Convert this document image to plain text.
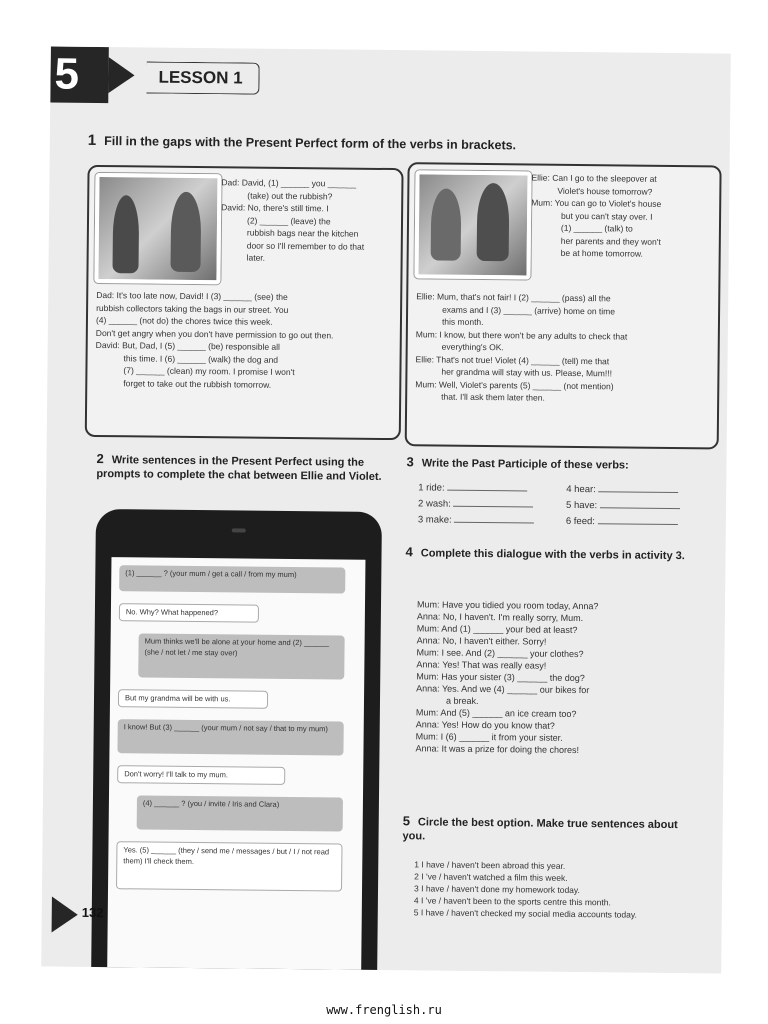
5	LESSON 1
1 Fill in the gaps with the Present Perfect form of the verbs in brackets.

Dad: David, (1) ______ you ______

(take) out the rubbish?

David: No, there's still time. I

(2) ______ (leave) the

rubbish bags near the kitchen

door so I'll remember to do that

later.

Dad: It's too late now, David! I (3) ______ (see) the

rubbish collectors taking the bags in our street. You

(4) ______ (not do) the chores twice this week.

Don't get angry when you don't have permission to go out then.

David: But, Dad, I (5) ______ (be) responsible all

this time. I (6) ______ (walk) the dog and

(7) ______ (clean) my room. I promise I won't

forget to take out the rubbish tomorrow.

Ellie: Can I go to the sleepover at

Violet's house tomorrow?

Mum: You can go to Violet's house

but you can't stay over. I

(1) ______ (talk) to

her parents and they won't

be at home tomorrow.

Ellie: Mum, that's not fair! I (2) ______ (pass) all the

exams and I (3) ______ (arrive) home on time

this month.

Mum: I know, but there won't be any adults to check that

everything's OK.

Ellie: That's not true! Violet (4) ______ (tell) me that

her grandma will stay with us. Please, Mum!!!

Mum: Well, Violet's parents (5) ______ (not mention)

that. I'll ask them later then.

2 Write sentences in the Present Perfect using the prompts to complete the chat between Ellie and Violet.
(1) ______ ? (your mum / get a call / from my mum)
No. Why? What happened?
Mum thinks we'll be alone at your home and (2) ______ (she / not let / me stay over)
But my grandma will be with us.
I know! But (3) ______ (your mum / not say / that to my mum)
Don't worry! I'll talk to my mum.
(4) ______ ? (you / invite / Iris and Clara)
Yes. (5) ______ (they / send me / messages / but / I / not read them) I'll check them.
3 Write the Past Participle of these verbs:
1 ride:
2 wash:
3 make:
4 hear:
5 have:
6 feed:
4 Complete this dialogue with the verbs in activity 3.

Mum: Have you tidied you room today, Anna?

Anna: No, I haven't. I'm really sorry, Mum.

Mum: And (1) ______ your bed at least?

Anna: No, I haven't either. Sorry!

Mum: I see. And (2) ______ your clothes?

Anna: Yes! That was really easy!

Mum: Has your sister (3) ______ the dog?

Anna: Yes. And we (4) ______ our bikes for

a break.

Mum: And (5) ______ an ice cream too?

Anna: Yes! How do you know that?

Mum: I (6) ______ it from your sister.

Anna: It was a prize for doing the chores!

5 Circle the best option. Make true sentences about you.

1 I have / haven't been abroad this year.

2 I 've / haven't watched a film this week.

3 I have / haven't done my homework today.

4 I 've / haven't been to the sports centre this month.

5 I have / haven't checked my social media accounts today.

132
www.frenglish.ru
